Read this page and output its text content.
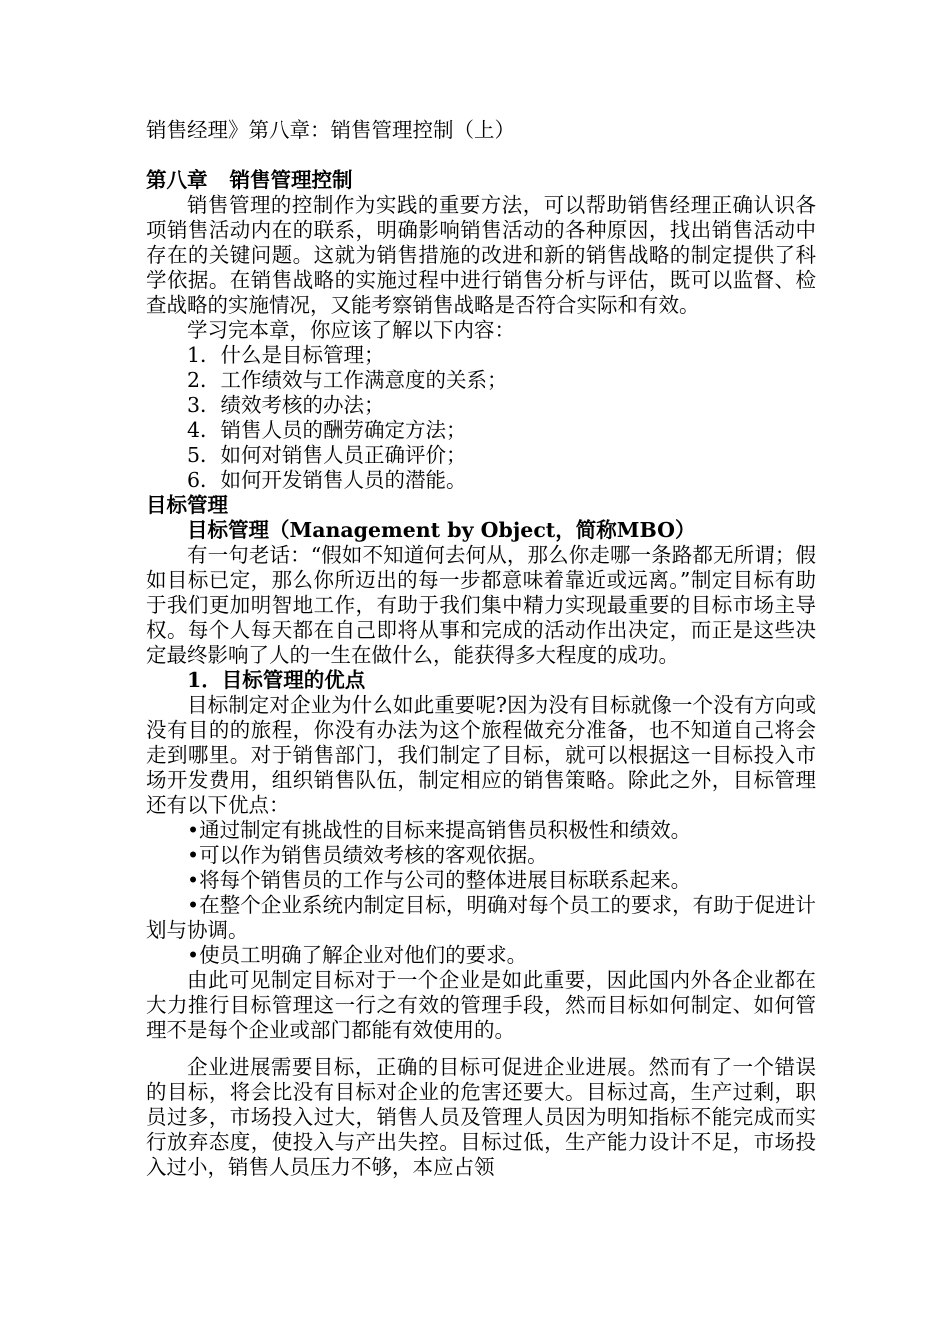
销售经理》第八章：销售管理控制（上）

第八章 销售管理控制

销售管理的控制作为实践的重要方法，可以帮助销售经理正确认识各项销售活动内在的联系，明确影响销售活动的各种原因，找出销售活动中存在的关键问题。这就为销售措施的改进和新的销售战略的制定提供了科学依据。在销售战略的实施过程中进行销售分析与评估，既可以监督、检查战略的实施情况，又能考察销售战略是否符合实际和有效。

学习完本章，你应该了解以下内容：

1．什么是目标管理；

2．工作绩效与工作满意度的关系；

3．绩效考核的办法；

4．销售人员的酬劳确定方法；

5．如何对销售人员正确评价；

6．如何开发销售人员的潜能。

目标管理

目标管理（Management by Object，简称MBO）

有一句老话：“假如不知道何去何从，那么你走哪一条路都无所谓；假如目标已定，那么你所迈出的每一步都意味着靠近或远离。”制定目标有助于我们更加明智地工作，有助于我们集中精力实现最重要的目标市场主导权。每个人每天都在自己即将从事和完成的活动作出决定，而正是这些决定最终影响了人的一生在做什么，能获得多大程度的成功。

1．目标管理的优点

目标制定对企业为什么如此重要呢?因为没有目标就像一个没有方向或没有目的的旅程，你没有办法为这个旅程做充分准备，也不知道自己将会走到哪里。对于销售部门，我们制定了目标，就可以根据这一目标投入市场开发费用，组织销售队伍，制定相应的销售策略。除此之外，目标管理还有以下优点：

•通过制定有挑战性的目标来提高销售员积极性和绩效。

•可以作为销售员绩效考核的客观依据。

•将每个销售员的工作与公司的整体进展目标联系起来。

•在整个企业系统内制定目标，明确对每个员工的要求，有助于促进计划与协调。

•使员工明确了解企业对他们的要求。

由此可见制定目标对于一个企业是如此重要，因此国内外各企业都在大力推行目标管理这一行之有效的管理手段，然而目标如何制定、如何管理不是每个企业或部门都能有效使用的。

企业进展需要目标，正确的目标可促进企业进展。然而有了一个错误的目标，将会比没有目标对企业的危害还要大。目标过高，生产过剩，职员过多，市场投入过大，销售人员及管理人员因为明知指标不能完成而实行放弃态度，使投入与产出失控。目标过低，生产能力设计不足，市场投入过小，销售人员压力不够，本应占领
